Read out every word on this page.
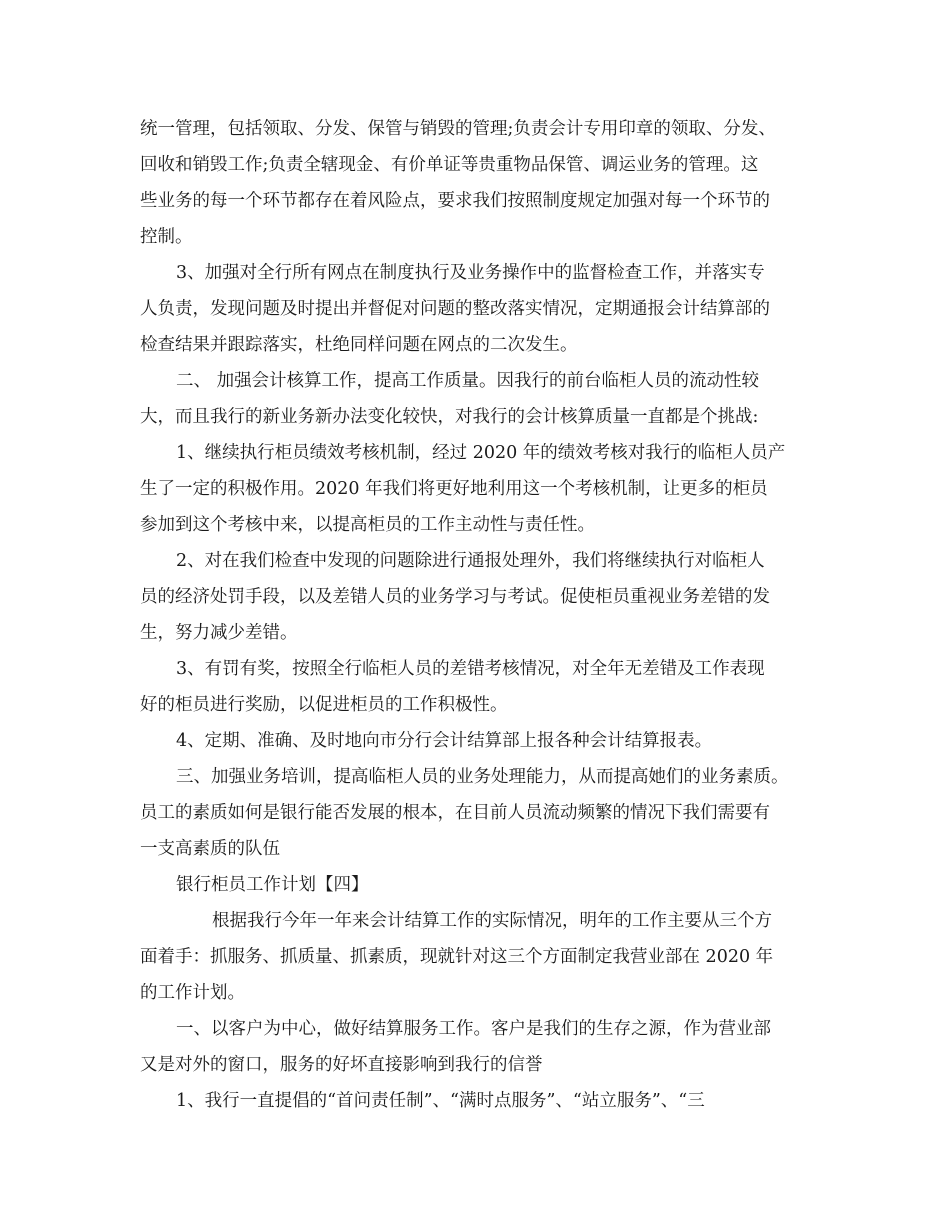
统一管理，包括领取、分发、保管与销毁的管理;负责会计专用印章的领取、分发、

回收和销毁工作;负责全辖现金、有价单证等贵重物品保管、调运业务的管理。这

些业务的每一个环节都存在着风险点，要求我们按照制度规定加强对每一个环节的

控制。

3、加强对全行所有网点在制度执行及业务操作中的监督检查工作，并落实专

人负责，发现问题及时提出并督促对问题的整改落实情况，定期通报会计结算部的

检查结果并跟踪落实，杜绝同样问题在网点的二次发生。

二、 加强会计核算工作，提高工作质量。因我行的前台临柜人员的流动性较

大，而且我行的新业务新办法变化较快，对我行的会计核算质量一直都是个挑战:

1、继续执行柜员绩效考核机制，经过 2020 年的绩效考核对我行的临柜人员产

生了一定的积极作用。2020 年我们将更好地利用这一个考核机制，让更多的柜员

参加到这个考核中来，以提高柜员的工作主动性与责任性。

2、对在我们检查中发现的问题除进行通报处理外，我们将继续执行对临柜人

员的经济处罚手段，以及差错人员的业务学习与考试。促使柜员重视业务差错的发

生，努力减少差错。

3、有罚有奖，按照全行临柜人员的差错考核情况，对全年无差错及工作表现

好的柜员进行奖励，以促进柜员的工作积极性。

4、定期、准确、及时地向市分行会计结算部上报各种会计结算报表。

三、加强业务培训，提高临柜人员的业务处理能力，从而提高她们的业务素质。

员工的素质如何是银行能否发展的根本，在目前人员流动频繁的情况下我们需要有

一支高素质的队伍

银行柜员工作计划【四】

根据我行今年一年来会计结算工作的实际情况，明年的工作主要从三个方

面着手：抓服务、抓质量、抓素质，现就针对这三个方面制定我营业部在 2020 年

的工作计划。

一、以客户为中心，做好结算服务工作。客户是我们的生存之源，作为营业部

又是对外的窗口，服务的好坏直接影响到我行的信誉

1、我行一直提倡的“首问责任制”、“满时点服务”、“站立服务”、“三
